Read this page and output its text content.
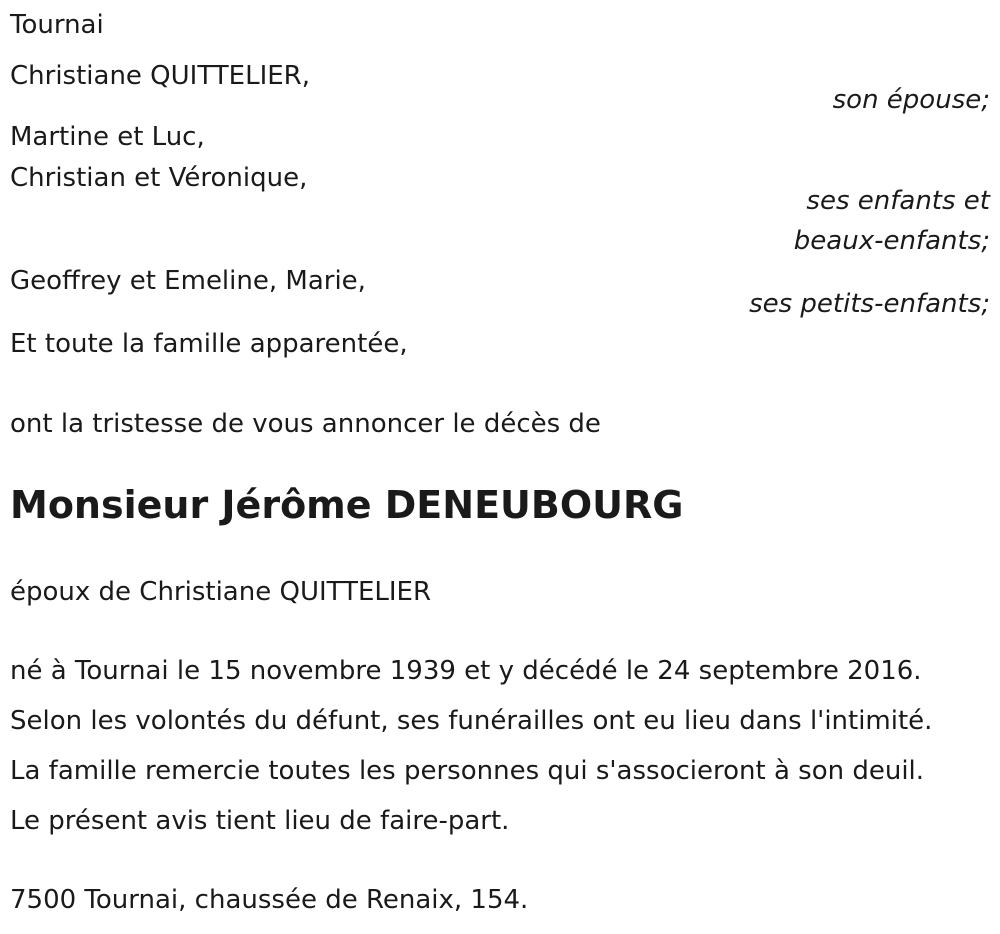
Tournai
Christiane QUITTELIER,
son épouse;
Martine et Luc,
Christian et Véronique,
ses enfants et
beaux-enfants;
Geoffrey et Emeline, Marie,
ses petits-enfants;
Et toute la famille apparentée,
ont la tristesse de vous annoncer le décès de
Monsieur Jérôme DENEUBOURG
époux de Christiane QUITTELIER
né à Tournai le 15 novembre 1939 et y décédé le 24 septembre 2016.
Selon les volontés du défunt, ses funérailles ont eu lieu dans l'intimité.
La famille remercie toutes les personnes qui s'associeront à son deuil.
Le présent avis tient lieu de faire-part.
7500 Tournai, chaussée de Renaix, 154.
